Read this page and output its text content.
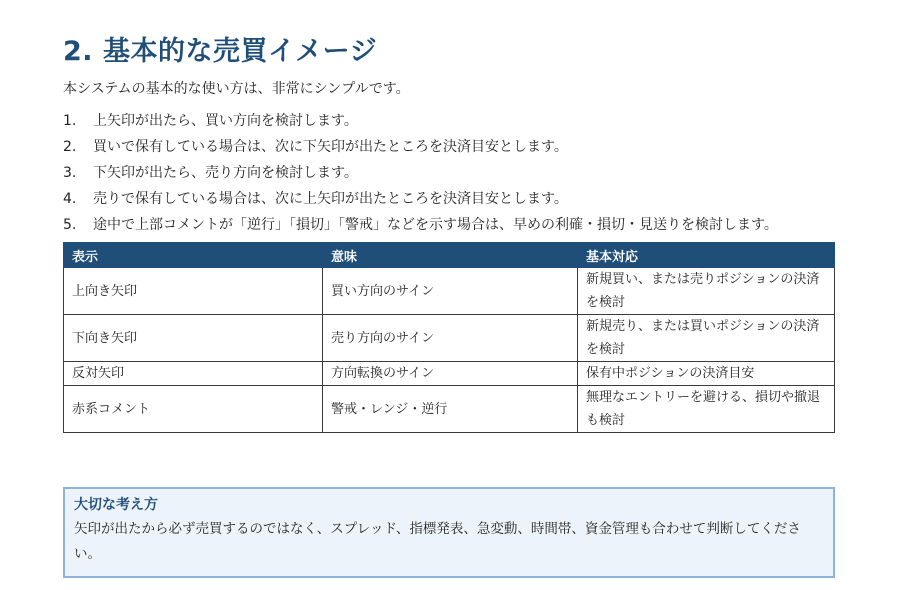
2. 基本的な売買イメージ

本システムの基本的な使い方は、非常にシンプルです。

1.	上矢印が出たら、買い方向を検討します。
2.	買いで保有している場合は、次に下矢印が出たところを決済目安とします。
3.	下矢印が出たら、売り方向を検討します。
4.	売りで保有している場合は、次に上矢印が出たところを決済目安とします。
5.	途中で上部コメントが「逆行」「損切」「警戒」などを示す場合は、早めの利確・損切・見送りを検討します。
表示	意味	基本対応
上向き矢印	買い方向のサイン	新規買い、または売りポジションの決済を検討
下向き矢印	売り方向のサイン	新規売り、または買いポジションの決済を検討
反対矢印	方向転換のサイン	保有中ポジションの決済目安
赤系コメント	警戒・レンジ・逆行	無理なエントリーを避ける、損切や撤退も検討
大切な考え方
矢印が出たから必ず売買するのではなく、スプレッド、指標発表、急変動、時間帯、資金管理も合わせて判断してください。
